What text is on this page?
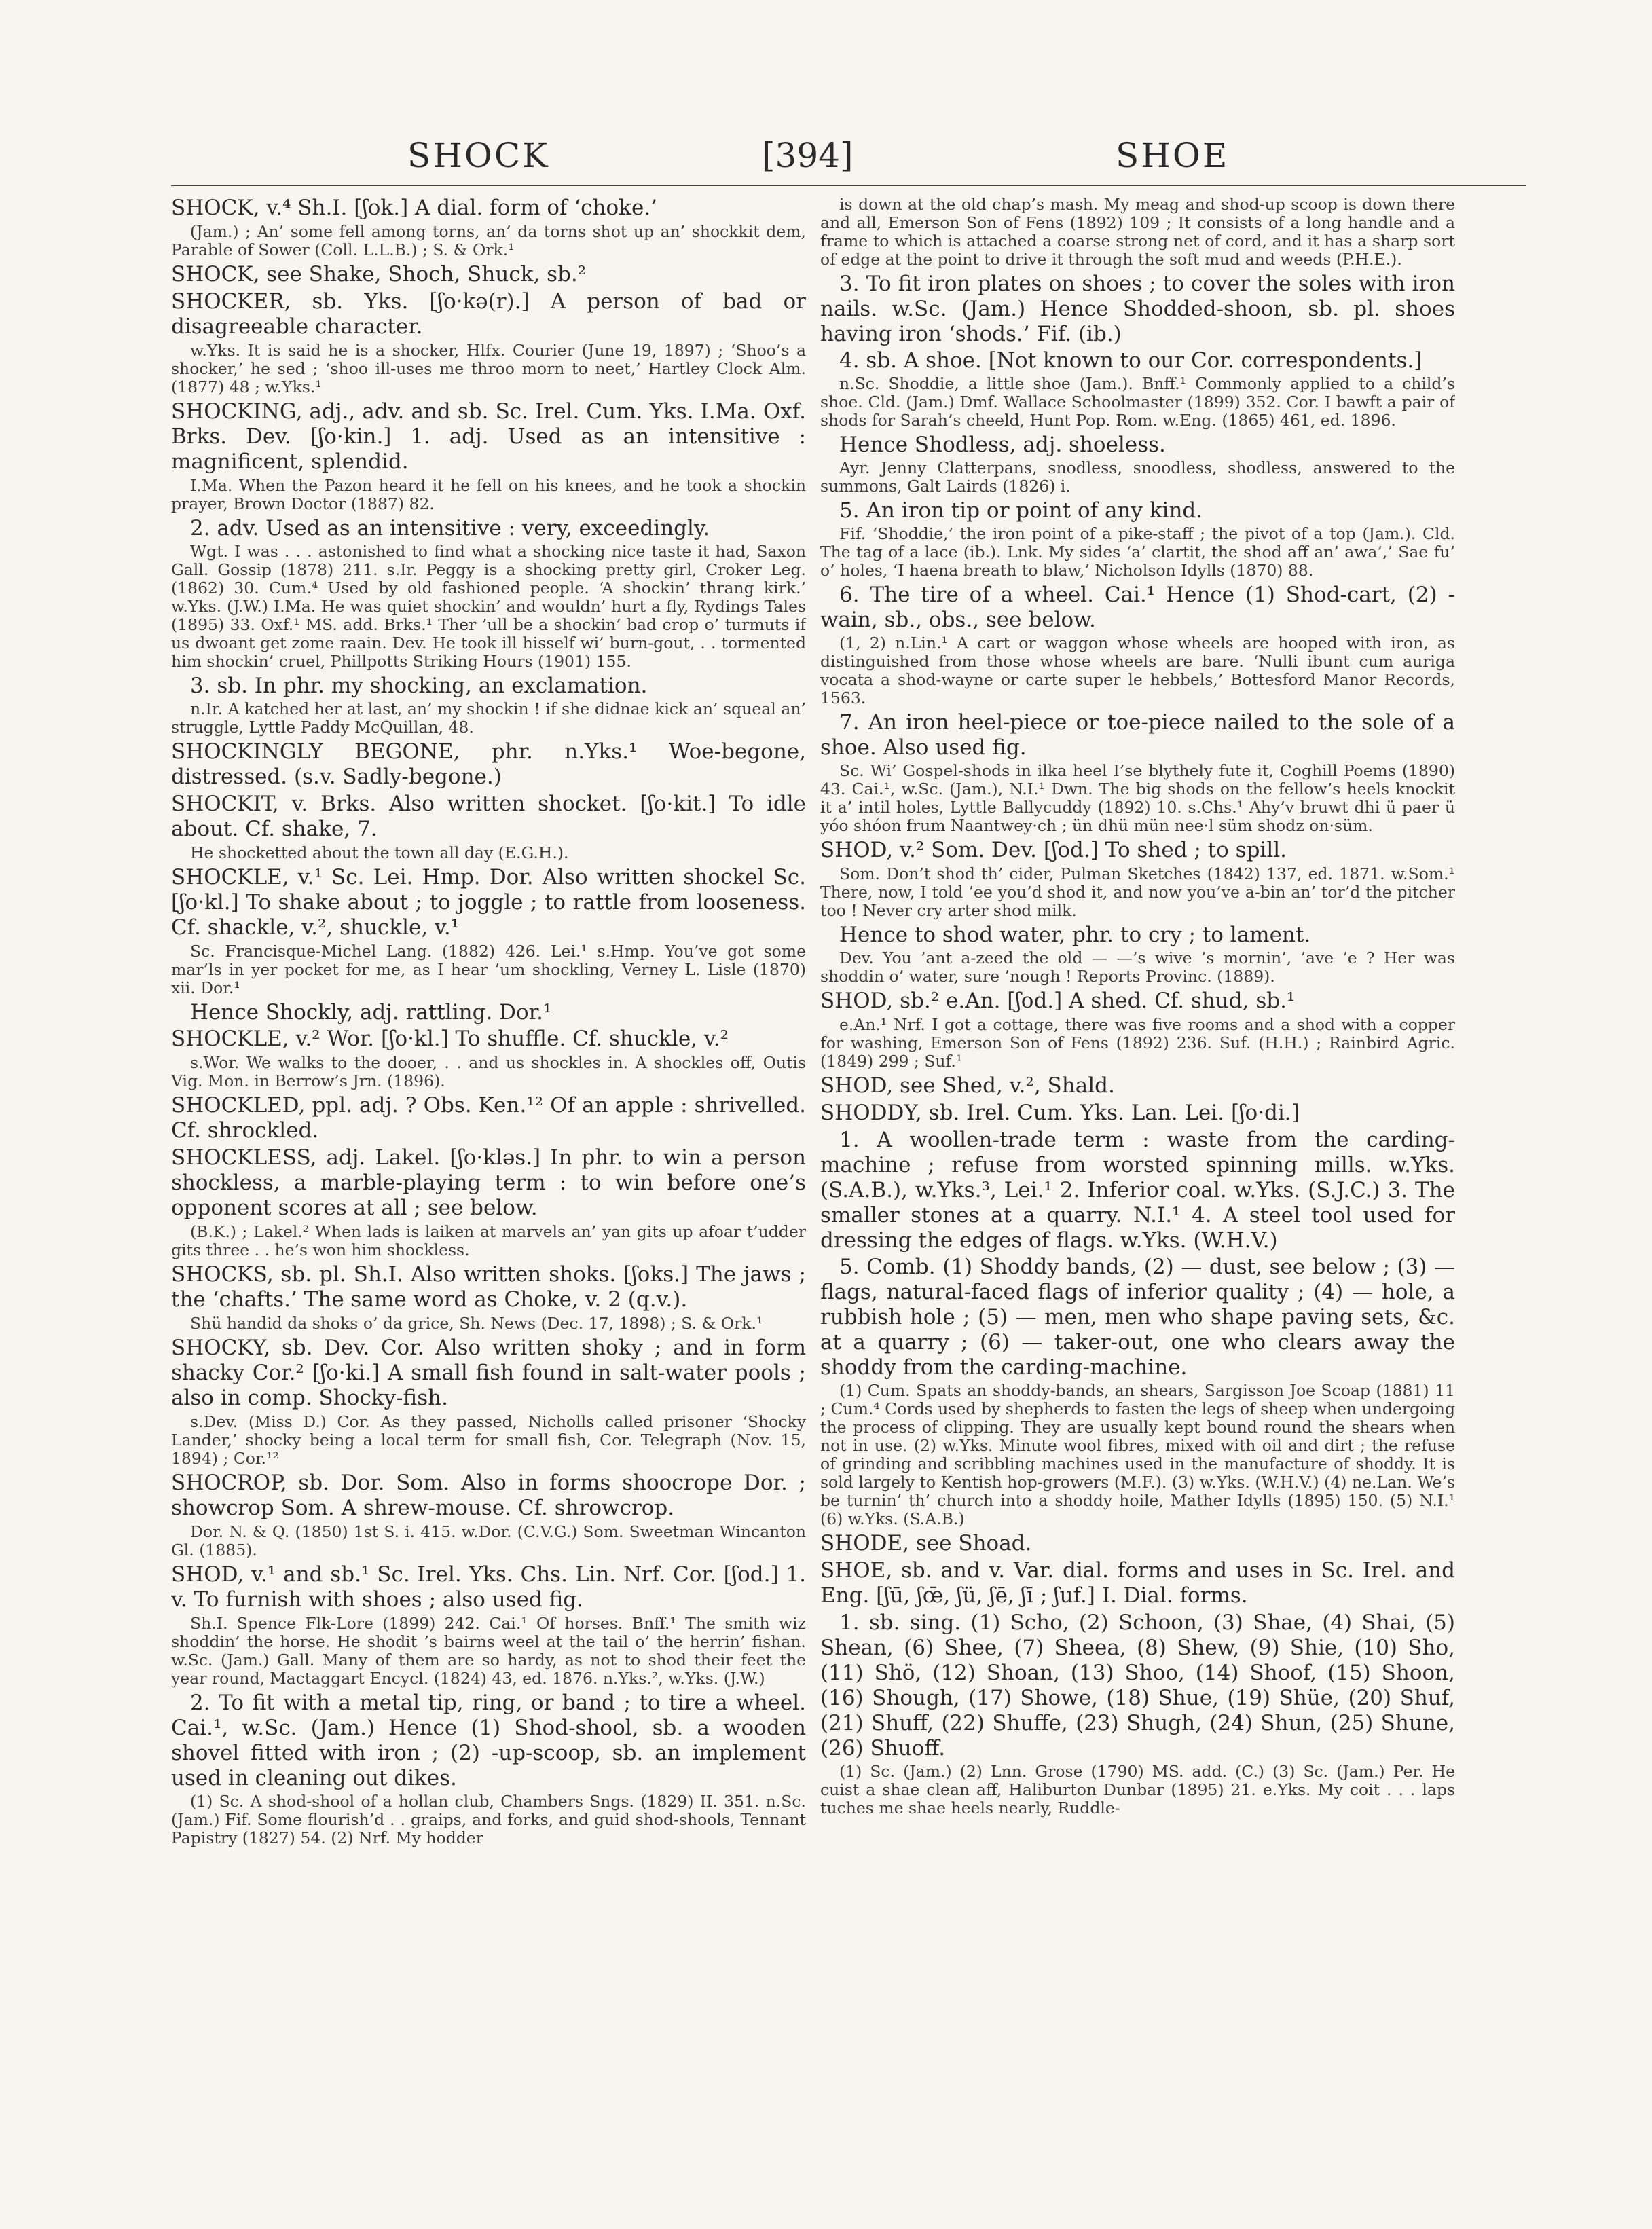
SHOCK	[394]	SHOE

SHOCK, v.⁴ Sh.I. [ʃok.] A dial. form of ‘choke.’

(Jam.) ; An’ some fell among torns, an’ da torns shot up an’ shockkit dem, Parable of Sower (Coll. L.L.B.) ; S. & Ork.¹

SHOCK, see Shake, Shoch, Shuck, sb.²

SHOCKER, sb. Yks. [ʃo·kə(r).] A person of bad or disagreeable character.

w.Yks. It is said he is a shocker, Hlfx. Courier (June 19, 1897) ; ‘Shoo’s a shocker,’ he sed ; ‘shoo ill-uses me throo morn to neet,’ Hartley Clock Alm. (1877) 48 ; w.Yks.¹

SHOCKING, adj., adv. and sb. Sc. Irel. Cum. Yks. I.Ma. Oxf. Brks. Dev. [ʃo·kin.] 1. adj. Used as an intensitive : magnificent, splendid.

I.Ma. When the Pazon heard it he fell on his knees, and he took a shockin prayer, Brown Doctor (1887) 82.

2. adv. Used as an intensitive : very, exceedingly.

Wgt. I was . . . astonished to find what a shocking nice taste it had, Saxon Gall. Gossip (1878) 211. s.Ir. Peggy is a shocking pretty girl, Croker Leg. (1862) 30. Cum.⁴ Used by old fashioned people. ‘A shockin’ thrang kirk.’ w.Yks. (J.W.) I.Ma. He was quiet shockin’ and wouldn’ hurt a fly, Rydings Tales (1895) 33. Oxf.¹ MS. add. Brks.¹ Ther ’ull be a shockin’ bad crop o’ turmuts if us dwoant get zome raain. Dev. He took ill hisself wi’ burn-gout, . . tormented him shockin’ cruel, Phillpotts Striking Hours (1901) 155.

3. sb. In phr. my shocking, an exclamation.

n.Ir. A katched her at last, an’ my shockin ! if she didnae kick an’ squeal an’ struggle, Lyttle Paddy McQuillan, 48.

SHOCKINGLY BEGONE, phr. n.Yks.¹ Woe-begone, distressed. (s.v. Sadly-begone.)

SHOCKIT, v. Brks. Also written shocket. [ʃo·kit.] To idle about. Cf. shake, 7.

He shocketted about the town all day (E.G.H.).

SHOCKLE, v.¹ Sc. Lei. Hmp. Dor. Also written shockel Sc. [ʃo·kl.] To shake about ; to joggle ; to rattle from looseness. Cf. shackle, v.², shuckle, v.¹

Sc. Francisque-Michel Lang. (1882) 426. Lei.¹ s.Hmp. You’ve got some mar’ls in yer pocket for me, as I hear ’um shockling, Verney L. Lisle (1870) xii. Dor.¹

Hence Shockly, adj. rattling. Dor.¹

SHOCKLE, v.² Wor. [ʃo·kl.] To shuffle. Cf. shuckle, v.²

s.Wor. We walks to the dooer, . . and us shockles in. A shockles off, Outis Vig. Mon. in Berrow’s Jrn. (1896).

SHOCKLED, ppl. adj. ? Obs. Ken.¹² Of an apple : shrivelled. Cf. shrockled.

SHOCKLESS, adj. Lakel. [ʃo·kləs.] In phr. to win a person shockless, a marble-playing term : to win before one’s opponent scores at all ; see below.

(B.K.) ; Lakel.² When lads is laiken at marvels an’ yan gits up afoar t’udder gits three . . he’s won him shockless.

SHOCKS, sb. pl. Sh.I. Also written shoks. [ʃoks.] The jaws ; the ‘chafts.’ The same word as Choke, v. 2 (q.v.).

Shü handid da shoks o’ da grice, Sh. News (Dec. 17, 1898) ; S. & Ork.¹

SHOCKY, sb. Dev. Cor. Also written shoky ; and in form shacky Cor.² [ʃo·ki.] A small fish found in salt-water pools ; also in comp. Shocky-fish.

s.Dev. (Miss D.) Cor. As they passed, Nicholls called prisoner ‘Shocky Lander,’ shocky being a local term for small fish, Cor. Telegraph (Nov. 15, 1894) ; Cor.¹²

SHOCROP, sb. Dor. Som. Also in forms shoocrope Dor. ; showcrop Som. A shrew-mouse. Cf. shrowcrop.

Dor. N. & Q. (1850) 1st S. i. 415. w.Dor. (C.V.G.) Som. Sweetman Wincanton Gl. (1885).

SHOD, v.¹ and sb.¹ Sc. Irel. Yks. Chs. Lin. Nrf. Cor. [ʃod.] 1. v. To furnish with shoes ; also used fig.

Sh.I. Spence Flk-Lore (1899) 242. Cai.¹ Of horses. Bnff.¹ The smith wiz shoddin’ the horse. He shodit ’s bairns weel at the tail o’ the herrin’ fishan. w.Sc. (Jam.) Gall. Many of them are so hardy, as not to shod their feet the year round, Mactaggart Encycl. (1824) 43, ed. 1876. n.Yks.², w.Yks. (J.W.)

2. To fit with a metal tip, ring, or band ; to tire a wheel. Cai.¹, w.Sc. (Jam.) Hence (1) Shod-shool, sb. a wooden shovel fitted with iron ; (2) -up-scoop, sb. an implement used in cleaning out dikes.

(1) Sc. A shod-shool of a hollan club, Chambers Sngs. (1829) II. 351. n.Sc. (Jam.) Fif. Some flourish’d . . graips, and forks, and guid shod-shools, Tennant Papistry (1827) 54. (2) Nrf. My hodder

is down at the old chap’s mash. My meag and shod-up scoop is down there and all, Emerson Son of Fens (1892) 109 ; It consists of a long handle and a frame to which is attached a coarse strong net of cord, and it has a sharp sort of edge at the point to drive it through the soft mud and weeds (P.H.E.).

3. To fit iron plates on shoes ; to cover the soles with iron nails. w.Sc. (Jam.) Hence Shodded-shoon, sb. pl. shoes having iron ‘shods.’ Fif. (ib.)

4. sb. A shoe. [Not known to our Cor. correspondents.]

n.Sc. Shoddie, a little shoe (Jam.). Bnff.¹ Commonly applied to a child’s shoe. Cld. (Jam.) Dmf. Wallace Schoolmaster (1899) 352. Cor. I bawft a pair of shods for Sarah’s cheeld, Hunt Pop. Rom. w.Eng. (1865) 461, ed. 1896.

Hence Shodless, adj. shoeless.

Ayr. Jenny Clatterpans, snodless, snoodless, shodless, answered to the summons, Galt Lairds (1826) i.

5. An iron tip or point of any kind.

Fif. ‘Shoddie,’ the iron point of a pike-staff ; the pivot of a top (Jam.). Cld. The tag of a lace (ib.). Lnk. My sides ‘a’ clartit, the shod aff an’ awa’,’ Sae fu’ o’ holes, ‘I haena breath to blaw,’ Nicholson Idylls (1870) 88.

6. The tire of a wheel. Cai.¹ Hence (1) Shod-cart, (2) -wain, sb., obs., see below.

(1, 2) n.Lin.¹ A cart or waggon whose wheels are hooped with iron, as distinguished from those whose wheels are bare. ‘Nulli ibunt cum auriga vocata a shod-wayne or carte super le hebbels,’ Bottesford Manor Records, 1563.

7. An iron heel-piece or toe-piece nailed to the sole of a shoe. Also used fig.

Sc. Wi’ Gospel-shods in ilka heel I’se blythely fute it, Coghill Poems (1890) 43. Cai.¹, w.Sc. (Jam.), N.I.¹ Dwn. The big shods on the fellow’s heels knockit it a’ intil holes, Lyttle Ballycuddy (1892) 10. s.Chs.¹ Ahy’v bruwt dhi ü paer ü yóo shóon frum Naantwey·ch ; ün dhü mün nee·l süm shodz on·süm.

SHOD, v.² Som. Dev. [ʃod.] To shed ; to spill.

Som. Don’t shod th’ cider, Pulman Sketches (1842) 137, ed. 1871. w.Som.¹ There, now, I told ’ee you’d shod it, and now you’ve a-bin an’ tor’d the pitcher too ! Never cry arter shod milk.

Hence to shod water, phr. to cry ; to lament.

Dev. You ’ant a-zeed the old — —’s wive ’s mornin’, ’ave ’e ? Her was shoddin o’ water, sure ’nough ! Reports Provinc. (1889).

SHOD, sb.² e.An. [ʃod.] A shed. Cf. shud, sb.¹

e.An.¹ Nrf. I got a cottage, there was five rooms and a shod with a copper for washing, Emerson Son of Fens (1892) 236. Suf. (H.H.) ; Rainbird Agric. (1849) 299 ; Suf.¹

SHOD, see Shed, v.², Shald.

SHODDY, sb. Irel. Cum. Yks. Lan. Lei. [ʃo·di.]

1. A woollen-trade term : waste from the carding-machine ; refuse from worsted spinning mills. w.Yks. (S.A.B.), w.Yks.³, Lei.¹ 2. Inferior coal. w.Yks. (S.J.C.) 3. The smaller stones at a quarry. N.I.¹ 4. A steel tool used for dressing the edges of flags. w.Yks. (W.H.V.)

5. Comb. (1) Shoddy bands, (2) — dust, see below ; (3) — flags, natural-faced flags of inferior quality ; (4) — hole, a rubbish hole ; (5) — men, men who shape paving sets, &c. at a quarry ; (6) — taker-out, one who clears away the shoddy from the carding-machine.

(1) Cum. Spats an shoddy-bands, an shears, Sargisson Joe Scoap (1881) 11 ; Cum.⁴ Cords used by shepherds to fasten the legs of sheep when undergoing the process of clipping. They are usually kept bound round the shears when not in use. (2) w.Yks. Minute wool fibres, mixed with oil and dirt ; the refuse of grinding and scribbling machines used in the manufacture of shoddy. It is sold largely to Kentish hop-growers (M.F.). (3) w.Yks. (W.H.V.) (4) ne.Lan. We’s be turnin’ th’ church into a shoddy hoile, Mather Idylls (1895) 150. (5) N.I.¹ (6) w.Yks. (S.A.B.)

SHODE, see Shoad.

SHOE, sb. and v. Var. dial. forms and uses in Sc. Irel. and Eng. [ʃū, ʃœ̄, ʃü, ʃē, ʃī ; ʃuf.] I. Dial. forms.

1. sb. sing. (1) Scho, (2) Schoon, (3) Shae, (4) Shai, (5) Shean, (6) Shee, (7) Sheea, (8) Shew, (9) Shie, (10) Sho, (11) Shö, (12) Shoan, (13) Shoo, (14) Shoof, (15) Shoon, (16) Shough, (17) Showe, (18) Shue, (19) Shüe, (20) Shuf, (21) Shuff, (22) Shuffe, (23) Shugh, (24) Shun, (25) Shune, (26) Shuoff.

(1) Sc. (Jam.) (2) Lnn. Grose (1790) MS. add. (C.) (3) Sc. (Jam.) Per. He cuist a shae clean aff, Haliburton Dunbar (1895) 21. e.Yks. My coit . . . laps tuches me shae heels nearly, Ruddle-
